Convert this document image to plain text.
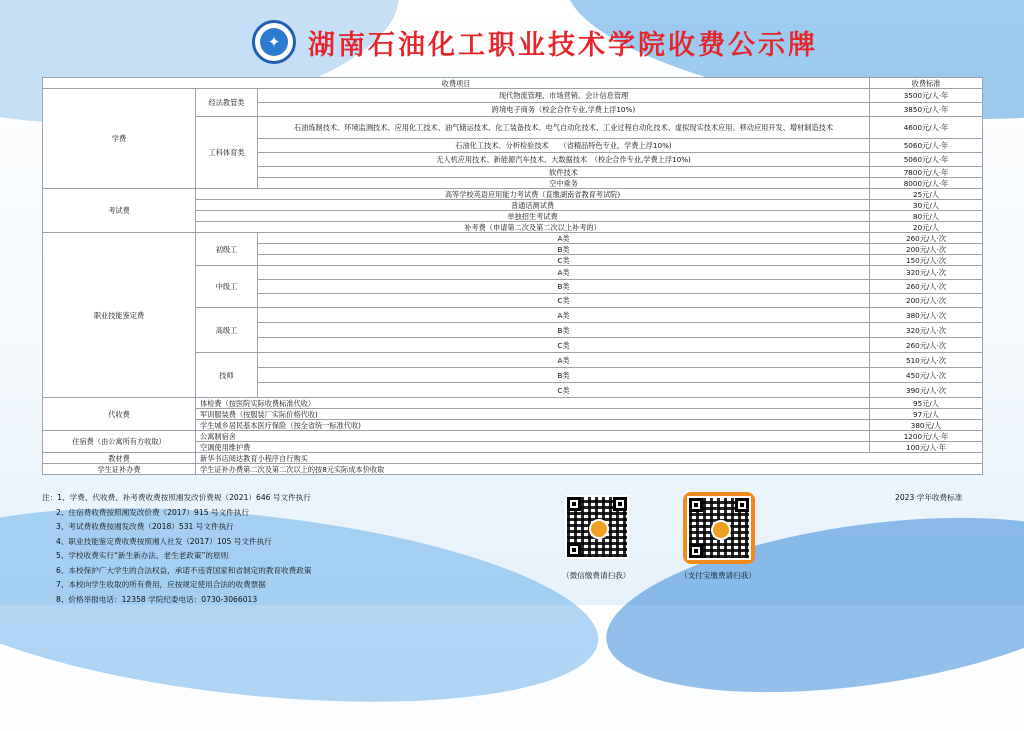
✦ 湖南石油化工职业技术学院收费公示牌
收费项目			收费标准
学费	经法教管类	现代物流管理、市场营销、会计信息管理	3500元/人·年
		跨境电子商务（校企合作专业,学费上浮10%)	3850元/人·年
	工科体育类	石油炼制技术、环境监测技术、应用化工技术、油气储运技术、化工装备技术、电气自动化技术、工业过程自动化技术、虚拟现实技术应用、移动应用开发、增材制造技术	4600元/人·年
		石油化工技术、分析检验技术　　（省精品特色专业，学费上浮10%)	5060元/人·年
		无人机应用技术、新能源汽车技术、大数据技术　（校企合作专业,学费上浮10%)	5060元/人·年
		软件技术	7800元/人·年
		空中乘务	8000元/人·年
考试费	高等学校英语应用能力考试费（直缴湖南省教育考试院)		25元/人
	普通话测试费		30元/人
	单独招生考试费		80元/人
	补考费（申请第二次及第二次以上补考的）		20元/人
职业技能鉴定费	初级工	A类	260元/人·次
		B类	200元/人·次
		C类	150元/人·次
	中级工	A类	320元/人·次
		B类	260元/人·次
		C类	200元/人·次
	高级工	A类	380元/人·次
		B类	320元/人·次
		C类	260元/人·次
	技师	A类	510元/人·次
		B类	450元/人·次
		C类	390元/人·次
代收费	体检费（按医院实际收费标准代收）		95元/人
	军训服装费（按服装厂实际价格代收)		97元/人
	学生城乡居民基本医疗保险（按全省统一标准代收)		380元/人
住宿费（由公寓所有方收取）	公寓制宿舍		1200元/人·年
	空调使用维护费		100元/人·年
教材费	新华书店阅达教育小程序自行购买		
学生证补办费	学生证补办费第二次及第二次以上的按8元实际成本价收取		
注：1、学费、代收费、补考费收费按照湘发改价费规（2021）646 号文件执行
2、住宿费收费按照湘发改价费（2017）915 号文件执行
3、考试费收费按湘发改费（2018）531 号文件执行
4、职业技能鉴定费收费按照湘人社发（2017）105 号文件执行
5、学校收费实行“新生新办法、老生老政策”的原则
6、本校保护广大学生的合法权益，承诺不违背国家和省制定的教育收费政策
7、本校向学生收取的所有费用，应按规定使用合法的收费票据
8、价格举报电话：12358 学院纪委电话：0730-3066013
（微信缴费请扫我）	（支付宝缴费请扫我）
2023 学年收费标准
